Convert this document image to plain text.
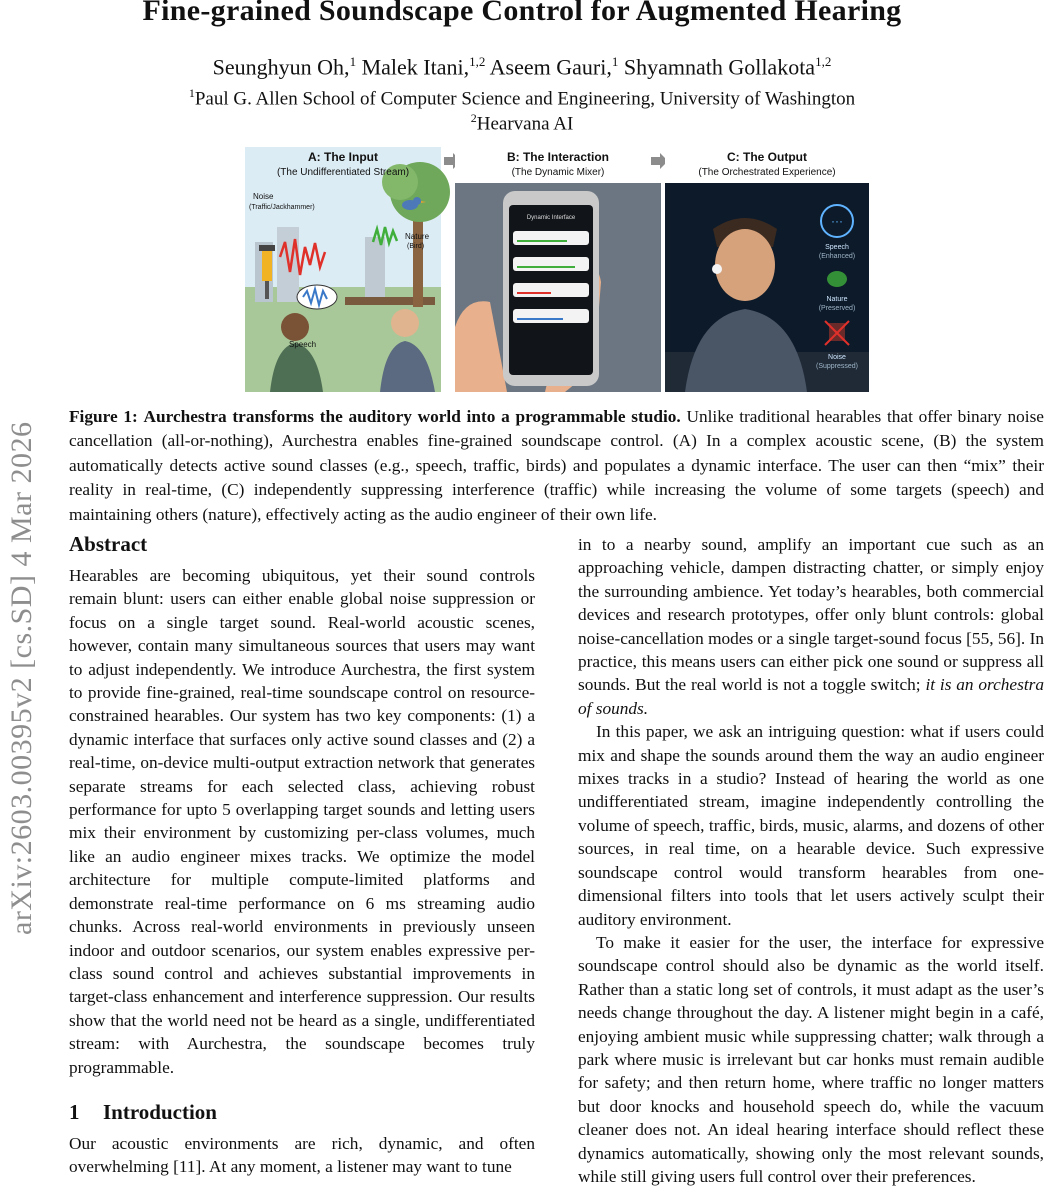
Fine-grained Soundscape Control for Augmented Hearing
Seunghyun Oh,$^1$ Malek Itani,$^{1,2}$ Aseem Gauri,$^1$ Shyamnath Gollakota$^{1,2}$
$^1$Paul G. Allen School of Computer Science and Engineering, University of Washington
$^2$Hearvana AI
arXiv:2603.00395v2 [cs.SD] 4 Mar 2026
A: The Input
(The Undifferentiated Stream)
Noise
(Traffic/Jackhammer)
Nature
(Bird)
Speech
Dynamic Interface
B: The Interaction
(The Dynamic Mixer)
···
Speech
(Enhanced)
Nature
(Preserved)
Noise
(Suppressed)
C: The Output
(The Orchestrated Experience)
Figure 1: Aurchestra transforms the auditory world into a programmable studio. Unlike traditional hearables that offer binary noise cancellation (all-or-nothing), Aurchestra enables fine-grained soundscape control. (A) In a complex acoustic scene, (B) the system automatically detects active sound classes (e.g., speech, traffic, birds) and populates a dynamic interface. The user can then “mix” their reality in real-time, (C) independently suppressing interference (traffic) while increasing the volume of some targets (speech) and maintaining others (nature), effectively acting as the audio engineer of their own life.
Abstract

Hearables are becoming ubiquitous, yet their sound controls remain blunt: users can either enable global noise suppression or focus on a single target sound. Real-world acoustic scenes, however, contain many simultaneous sources that users may want to adjust independently. We introduce Aurchestra, the first system to provide fine-grained, real-time soundscape control on resource-constrained hearables. Our system has two key components: (1) a dynamic interface that surfaces only active sound classes and (2) a real-time, on-device multi-output extraction network that generates separate streams for each selected class, achieving robust performance for upto 5 overlapping target sounds and letting users mix their environment by customizing per-class volumes, much like an audio engineer mixes tracks. We optimize the model architecture for multiple compute-limited platforms and demonstrate real-time performance on 6 ms streaming audio chunks. Across real-world environments in previously unseen indoor and outdoor scenarios, our system enables expressive per-class sound control and achieves substantial improvements in target-class enhancement and interference suppression. Our results show that the world need not be heard as a single, undifferentiated stream: with Aurchestra, the soundscape becomes truly programmable.

1 Introduction

Our acoustic environments are rich, dynamic, and often overwhelming [11]. At any moment, a listener may want to tune

in to a nearby sound, amplify an important cue such as an approaching vehicle, dampen distracting chatter, or simply enjoy the surrounding ambience. Yet today’s hearables, both commercial devices and research prototypes, offer only blunt controls: global noise-cancellation modes or a single target-sound focus [55, 56]. In practice, this means users can either pick one sound or suppress all sounds. But the real world is not a toggle switch; it is an orchestra of sounds.

In this paper, we ask an intriguing question: what if users could mix and shape the sounds around them the way an audio engineer mixes tracks in a studio? Instead of hearing the world as one undifferentiated stream, imagine independently controlling the volume of speech, traffic, birds, music, alarms, and dozens of other sources, in real time, on a hearable device. Such expressive soundscape control would transform hearables from one-dimensional filters into tools that let users actively sculpt their auditory environment.

To make it easier for the user, the interface for expressive soundscape control should also be dynamic as the world itself. Rather than a static long set of controls, it must adapt as the user’s needs change throughout the day. A listener might begin in a café, enjoying ambient music while suppressing chatter; walk through a park where music is irrelevant but car honks must remain audible for safety; and then return home, where traffic no longer matters but door knocks and household speech do, while the vacuum cleaner does not. An ideal hearing interface should reflect these dynamics automatically, showing only the most relevant sounds, while still giving users full control over their preferences.
